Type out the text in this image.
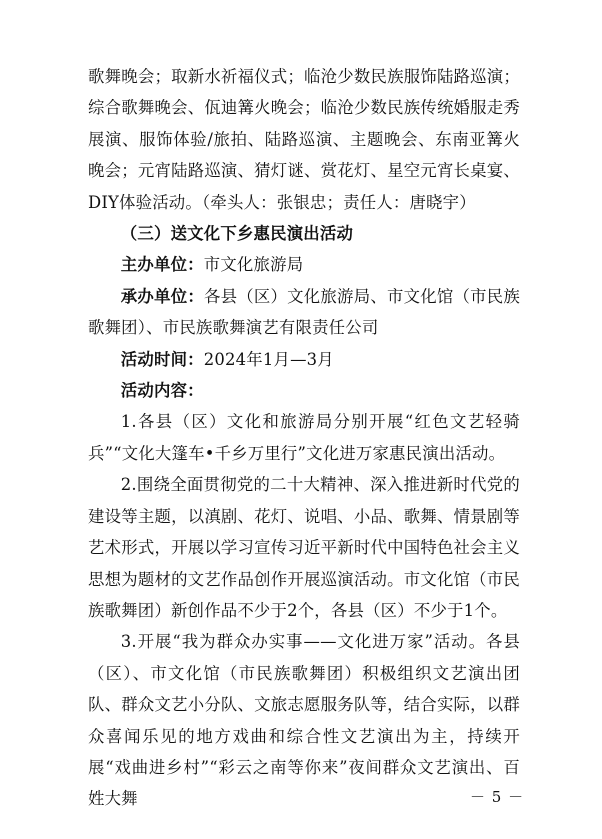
歌舞晚会；取新水祈福仪式；临沧少数民族服饰陆路巡演；综合歌舞晚会、佤迪篝火晚会；临沧少数民族传统婚服走秀展演、服饰体验/旅拍、陆路巡演、主题晚会、东南亚篝火晚会；元宵陆路巡演、猜灯谜、赏花灯、星空元宵长桌宴、DIY体验活动。（牵头人：张银忠；责任人：唐晓宇）

（三）送文化下乡惠民演出活动

主办单位：市文化旅游局

承办单位：各县（区）文化旅游局、市文化馆（市民族歌舞团）、市民族歌舞演艺有限责任公司

活动时间：2024年1月—3月

活动内容：

1.各县（区）文化和旅游局分别开展“红色文艺轻骑兵”“文化大篷车•千乡万里行”文化进万家惠民演出活动。

2.围绕全面贯彻党的二十大精神、深入推进新时代党的建设等主题，以滇剧、花灯、说唱、小品、歌舞、情景剧等艺术形式，开展以学习宣传习近平新时代中国特色社会主义思想为题材的文艺作品创作开展巡演活动。市文化馆（市民族歌舞团）新创作品不少于2个，各县（区）不少于1个。

3.开展“我为群众办实事——文化进万家”活动。各县（区）、市文化馆（市民族歌舞团）积极组织文艺演出团队、群众文艺小分队、文旅志愿服务队等，结合实际，以群众喜闻乐见的地方戏曲和综合性文艺演出为主，持续开展“戏曲进乡村”“彩云之南等你来”夜间群众文艺演出、百姓大舞	－ 5 －
